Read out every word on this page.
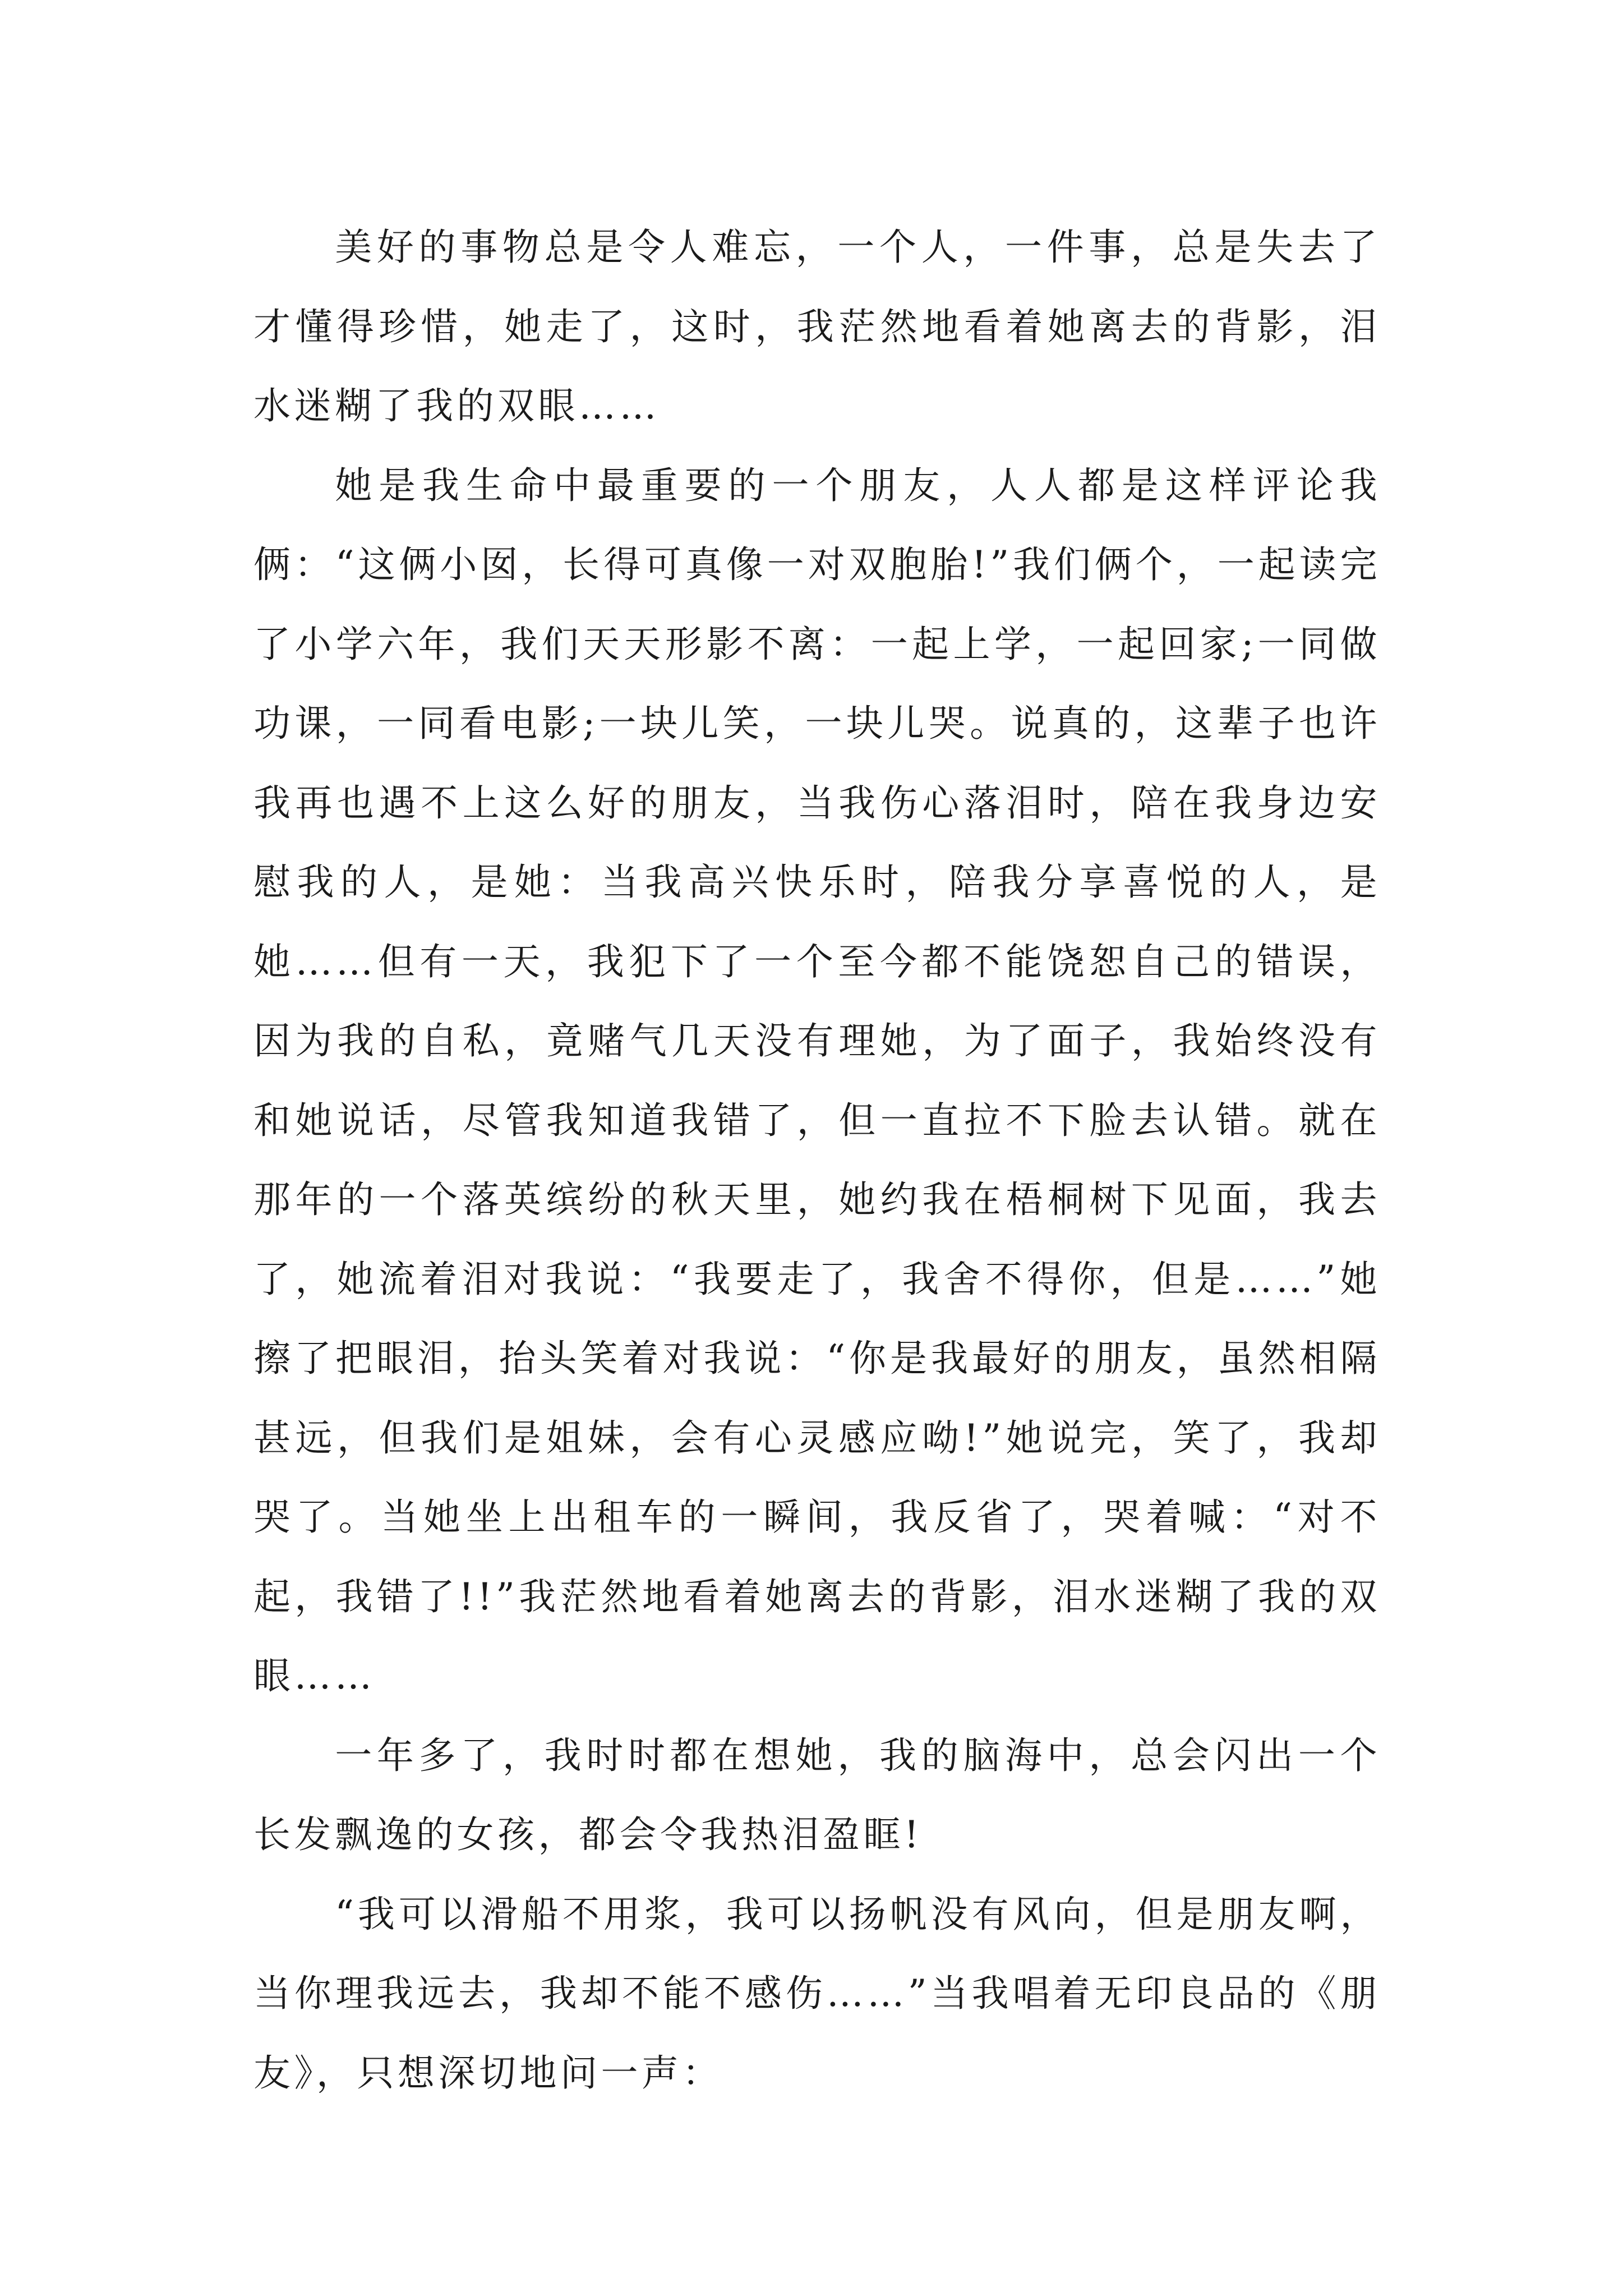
美好的事物总是令人难忘，一个人，一件事，总是失去了才懂得珍惜，她走了，这时，我茫然地看着她离去的背影，泪水迷糊了我的双眼……

她是我生命中最重要的一个朋友，人人都是这样评论我俩：“这俩小囡，长得可真像一对双胞胎!”我们俩个，一起读完了小学六年，我们天天形影不离：一起上学，一起回家;一同做功课，一同看电影;一块儿笑，一块儿哭。说真的，这辈子也许我再也遇不上这么好的朋友，当我伤心落泪时，陪在我身边安慰我的人，是她：当我高兴快乐时，陪我分享喜悦的人，是她……但有一天，我犯下了一个至今都不能饶恕自己的错误，因为我的自私，竟赌气几天没有理她，为了面子，我始终没有和她说话，尽管我知道我错了，但一直拉不下脸去认错。就在那年的一个落英缤纷的秋天里，她约我在梧桐树下见面，我去了，她流着泪对我说：“我要走了，我舍不得你，但是……”她擦了把眼泪，抬头笑着对我说：“你是我最好的朋友，虽然相隔甚远，但我们是姐妹，会有心灵感应呦!”她说完，笑了，我却哭了。当她坐上出租车的一瞬间，我反省了，哭着喊：“对不起，我错了!!”我茫然地看着她离去的背影，泪水迷糊了我的双眼……

一年多了，我时时都在想她，我的脑海中，总会闪出一个长发飘逸的女孩，都会令我热泪盈眶!

“我可以滑船不用浆，我可以扬帆没有风向，但是朋友啊，当你理我远去，我却不能不感伤……”当我唱着无印良品的《朋友》，只想深切地问一声：
